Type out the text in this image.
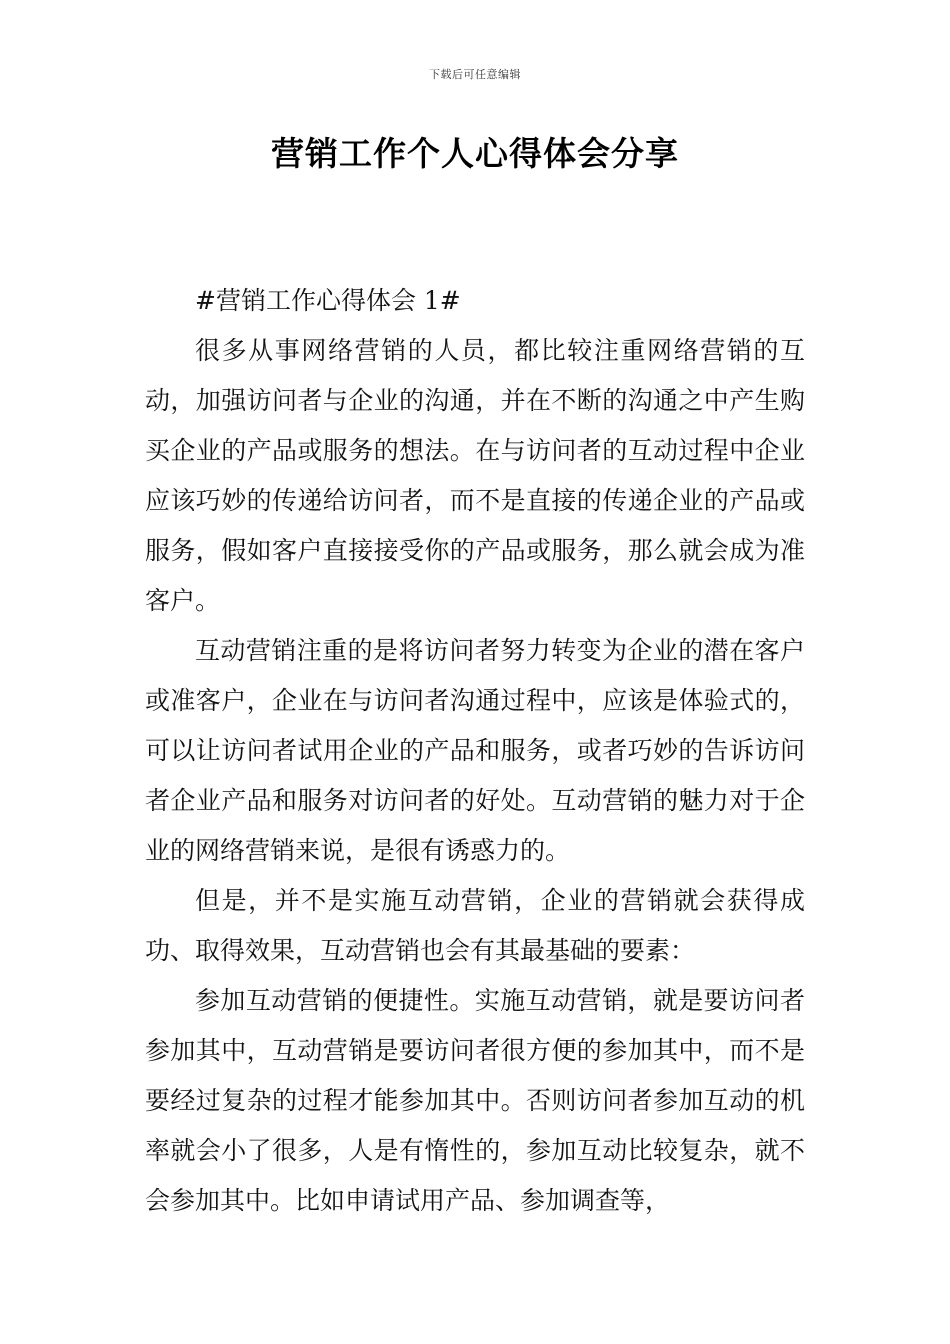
下载后可任意编辑
营销工作个人心得体会分享
#营销工作心得体会 1#

很多从事网络营销的人员，都比较注重网络营销的互动，加强访问者与企业的沟通，并在不断的沟通之中产生购买企业的产品或服务的想法。在与访问者的互动过程中企业应该巧妙的传递给访问者，而不是直接的传递企业的产品或服务，假如客户直接接受你的产品或服务，那么就会成为准客户。

互动营销注重的是将访问者努力转变为企业的潜在客户或准客户，企业在与访问者沟通过程中，应该是体验式的，可以让访问者试用企业的产品和服务，或者巧妙的告诉访问者企业产品和服务对访问者的好处。互动营销的魅力对于企业的网络营销来说，是很有诱惑力的。

但是，并不是实施互动营销，企业的营销就会获得成功、取得效果，互动营销也会有其最基础的要素：

参加互动营销的便捷性。实施互动营销，就是要访问者参加其中，互动营销是要访问者很方便的参加其中，而不是要经过复杂的过程才能参加其中。否则访问者参加互动的机率就会小了很多，人是有惰性的，参加互动比较复杂，就不会参加其中。比如申请试用产品、参加调查等，
